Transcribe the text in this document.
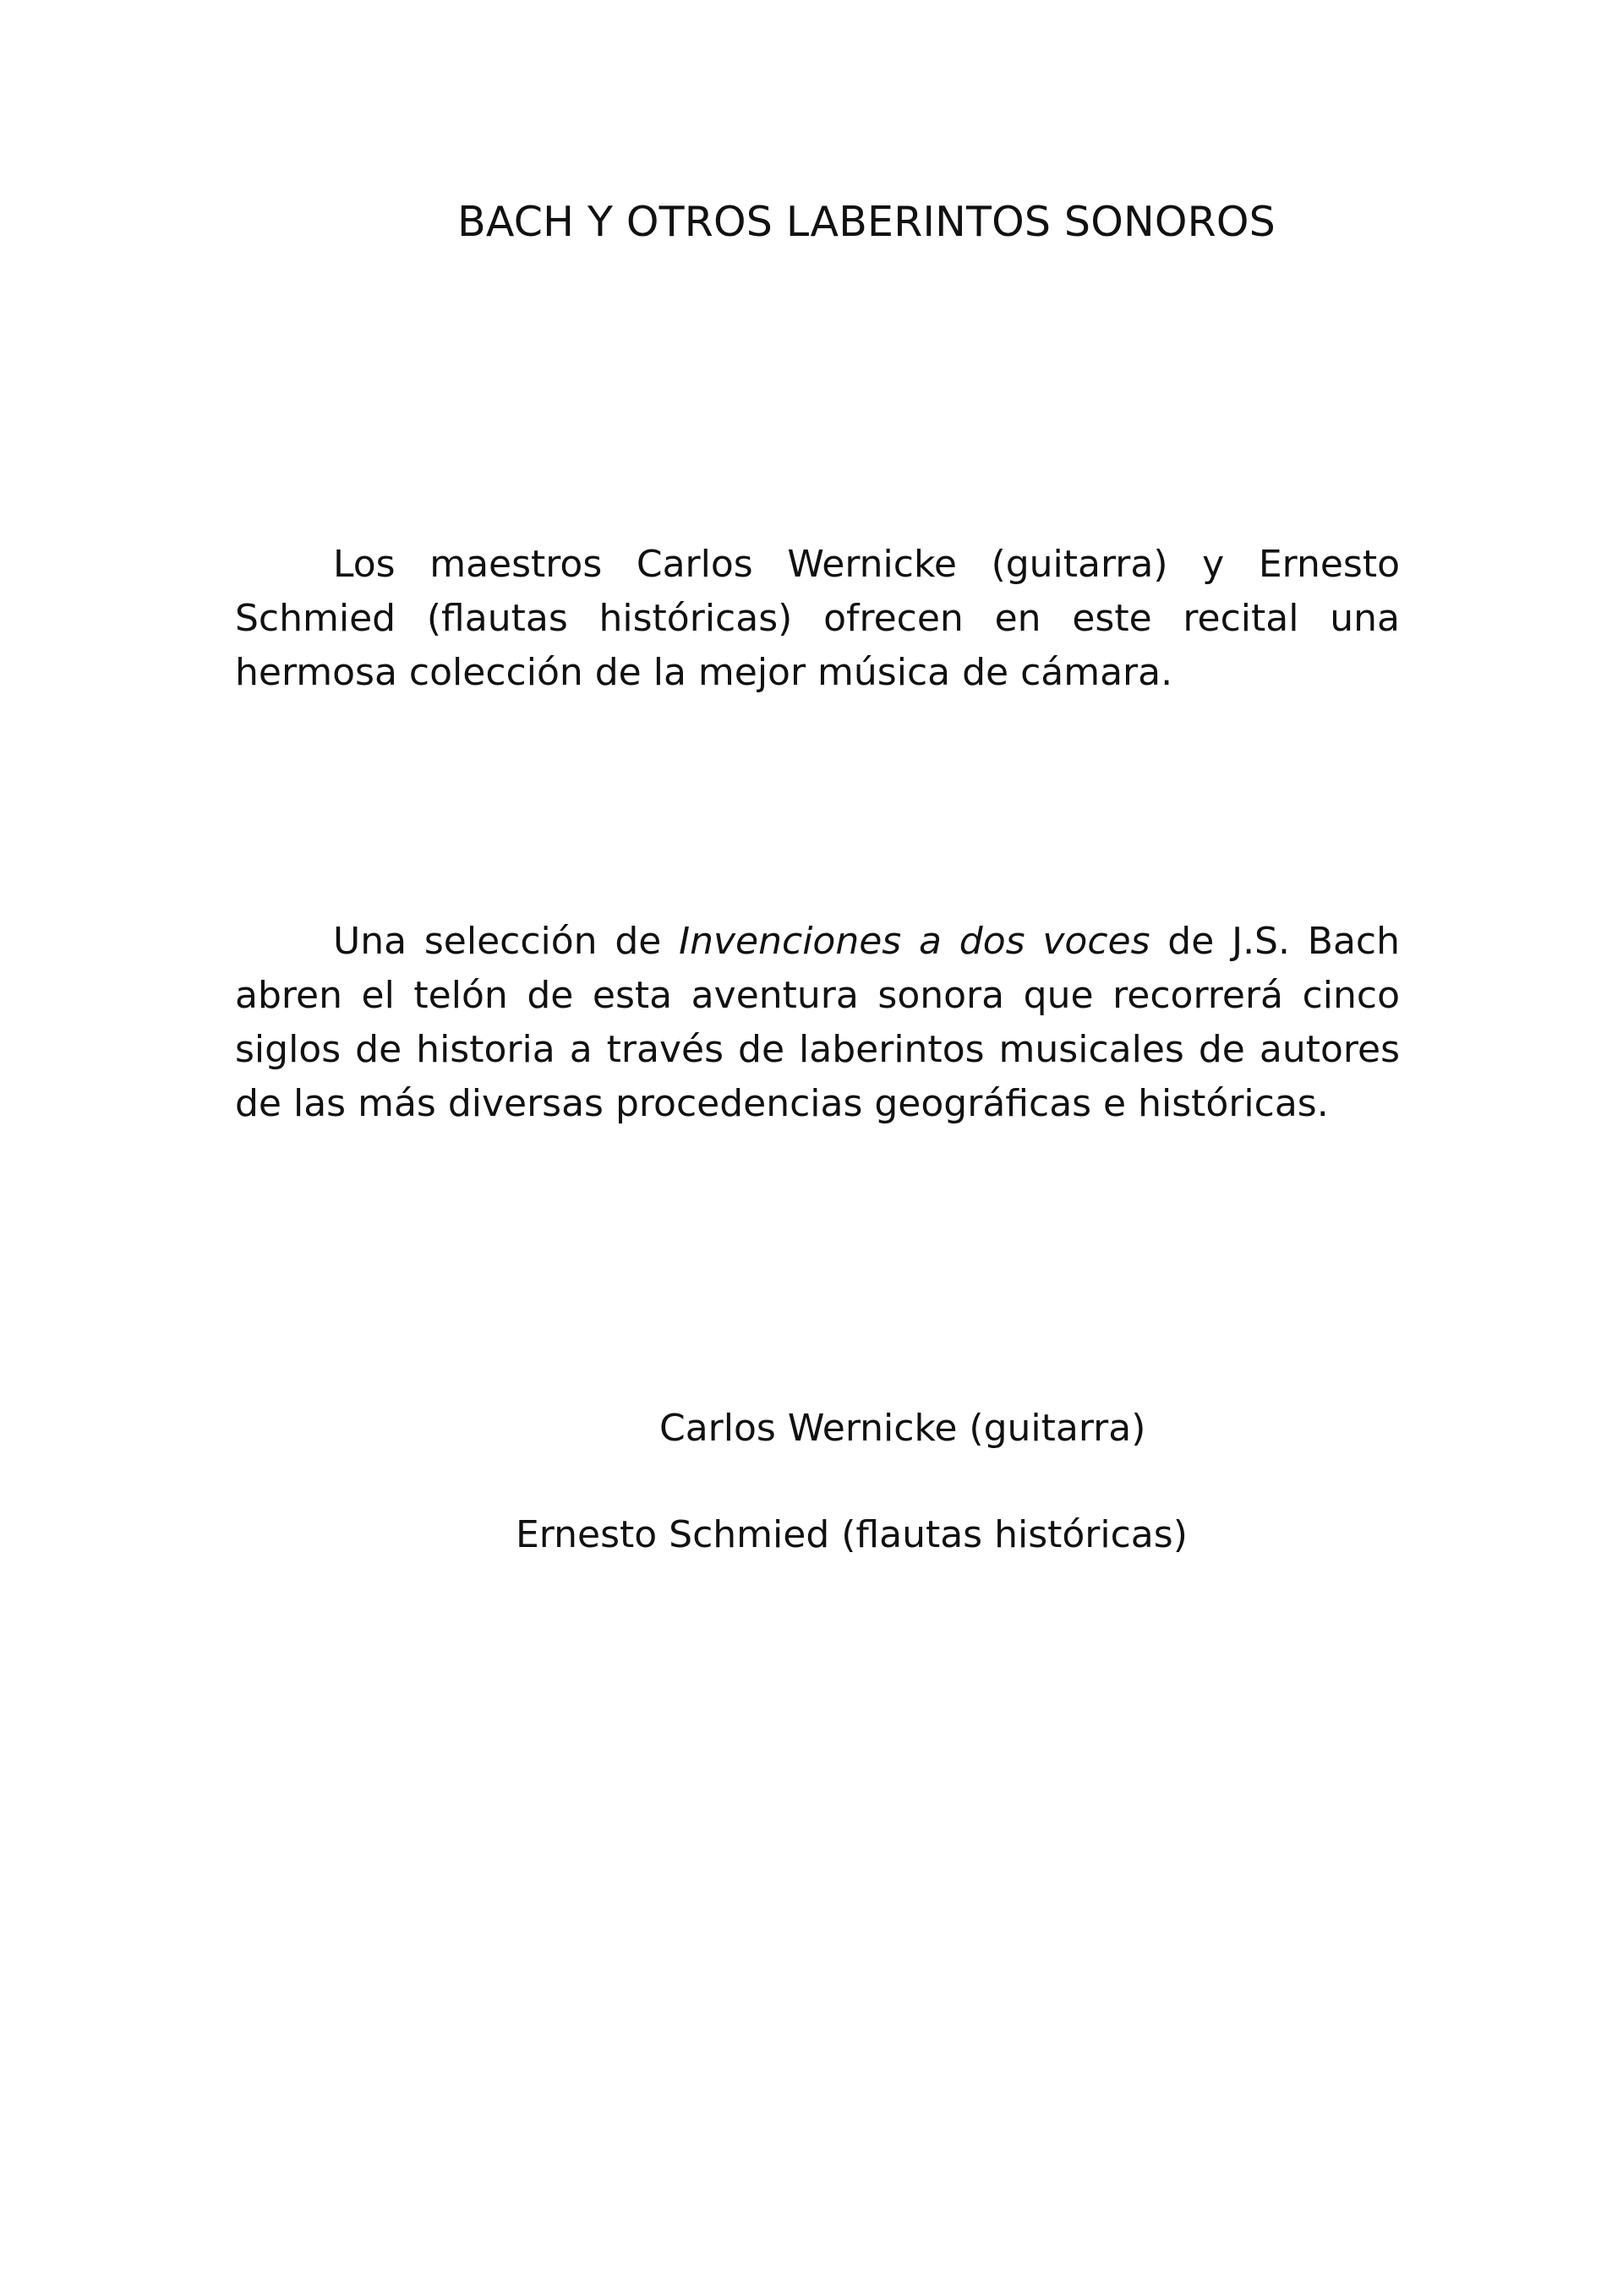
BACH Y OTROS LABERINTOS SONOROS

Los maestros Carlos Wernicke (guitarra) y Ernesto Schmied (flautas históricas) ofrecen en este recital una hermosa colección de la mejor música de cámara.

Una selección de Invenciones a dos voces de J.S. Bach abren el telón de esta aventura sonora que recorrerá cinco siglos de historia a través de laberintos musicales de autores de las más diversas procedencias geográficas e históricas.

Carlos Wernicke (guitarra)

Ernesto Schmied (flautas históricas)
